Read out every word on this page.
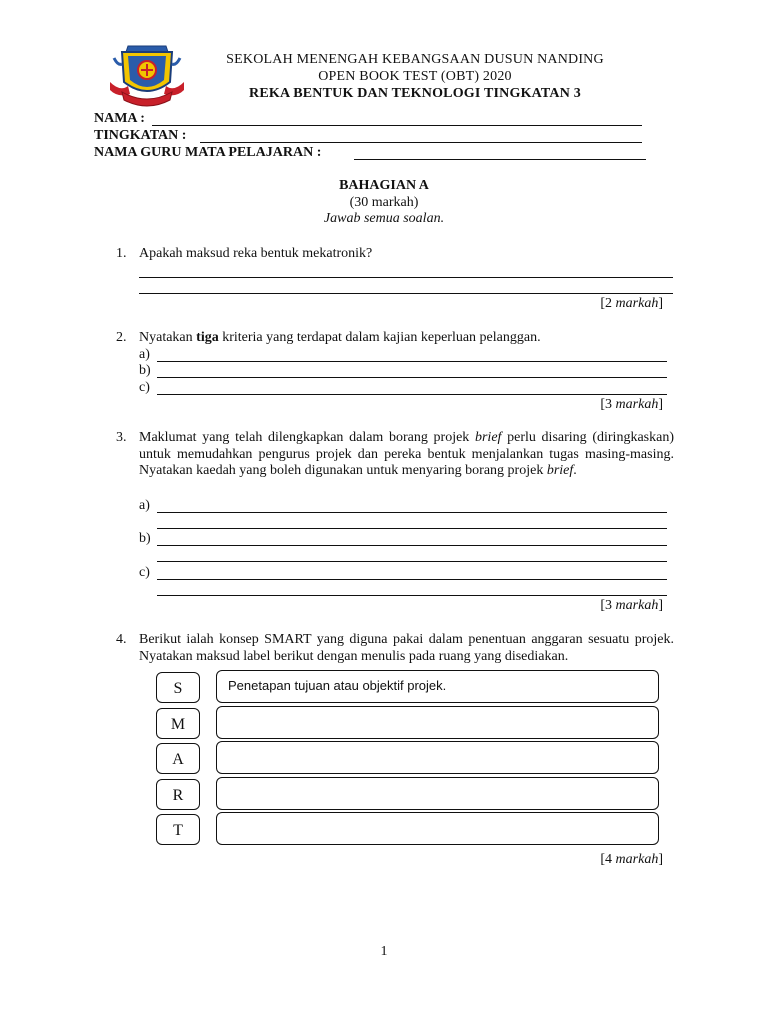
SEKOLAH MENENGAH KEBANGSAAN DUSUN NANDING
OPEN BOOK TEST (OBT) 2020
REKA BENTUK DAN TEKNOLOGI TINGKATAN 3
NAMA :
TINGKATAN :
NAMA GURU MATA PELAJARAN :
BAHAGIAN A
(30 markah)
Jawab semua soalan.
1. Apakah maksud reka bentuk mekatronik?
[2 markah]
2. Nyatakan tiga kriteria yang terdapat dalam kajian keperluan pelanggan.
a)
b)
c)
[3 markah]
3. Maklumat yang telah dilengkapkan dalam borang projek brief perlu disaring (diringkaskan) untuk memudahkan pengurus projek dan pereka bentuk menjalankan tugas masing-masing. Nyatakan kaedah yang boleh digunakan untuk menyaring borang projek brief.
a)
b)
c)
[3 markah]
4. Berikut ialah konsep SMART yang diguna pakai dalam penentuan anggaran sesuatu projek. Nyatakan maksud label berikut dengan menulis pada ruang yang disediakan.
S	Penetapan tujuan atau objektif projek.
M
A
R
T
[4 markah]
1
